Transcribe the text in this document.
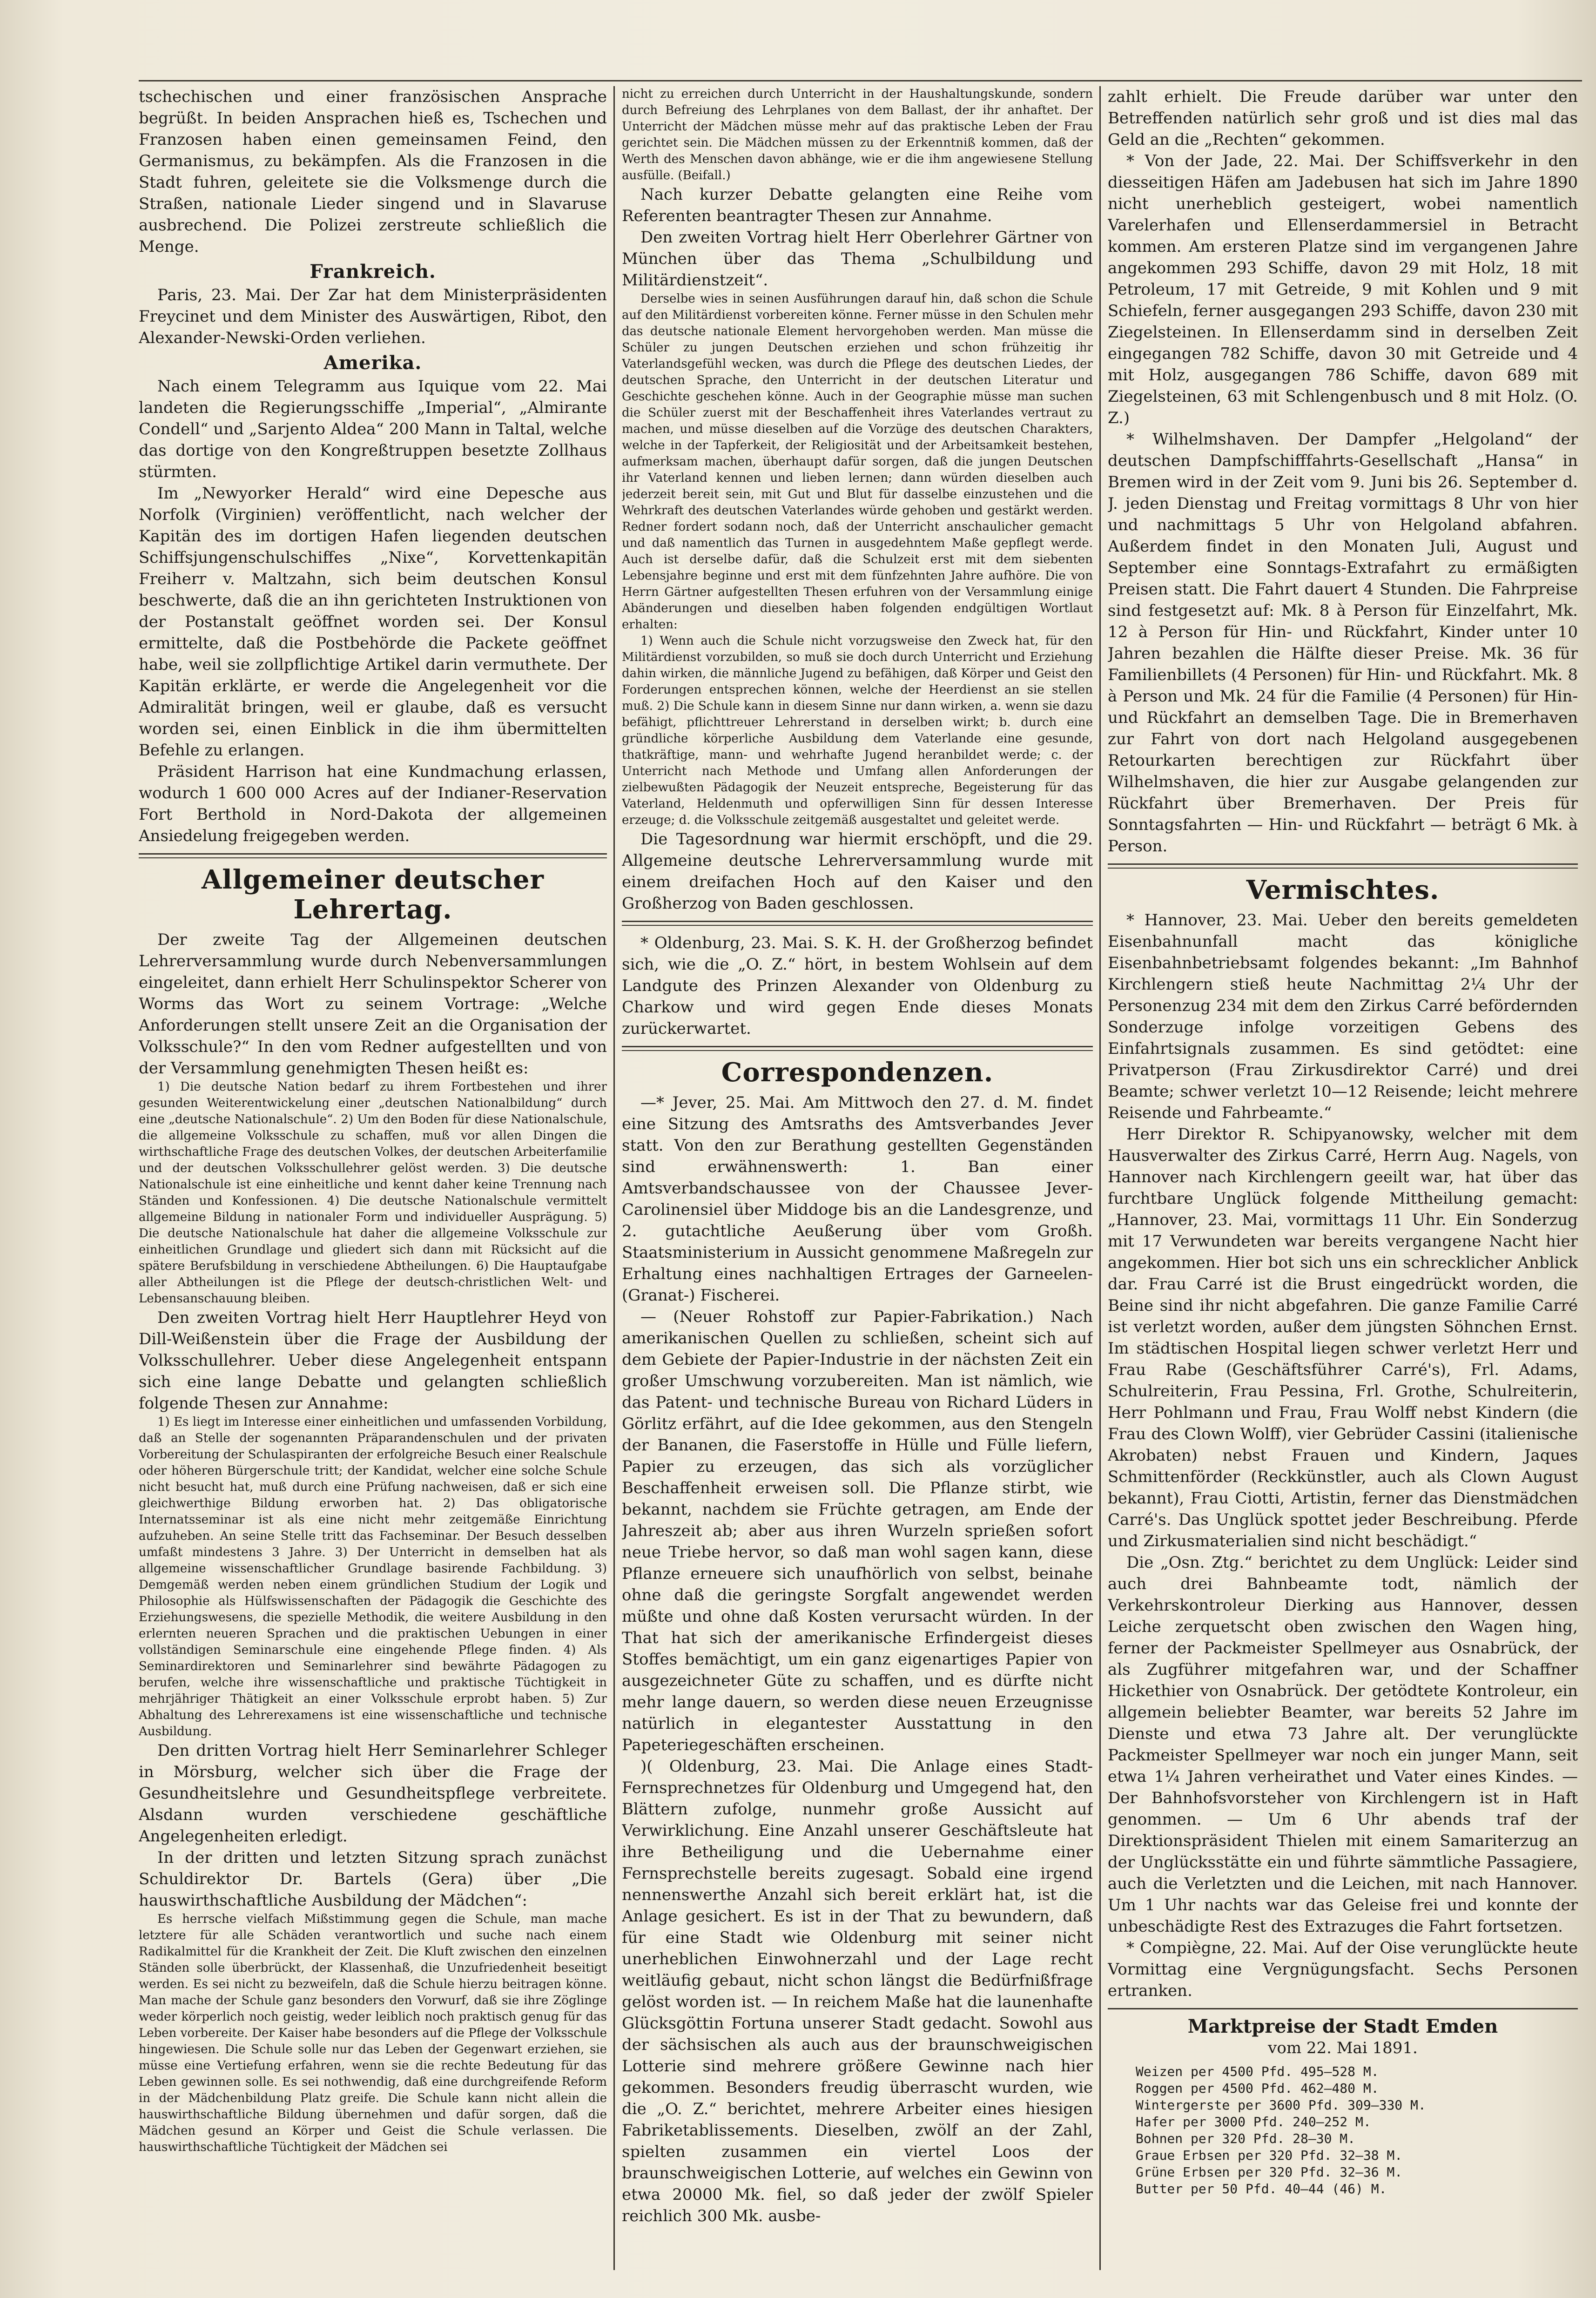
tschechischen und einer französischen Ansprache begrüßt. In beiden Ansprachen hieß es, Tschechen und Franzosen haben einen gemeinsamen Feind, den Germanismus, zu bekämpfen. Als die Franzosen in die Stadt fuhren, geleitete sie die Volksmenge durch die Straßen, nationale Lieder singend und in Slavaruse ausbrechend. Die Polizei zerstreute schließlich die Menge.

Frankreich.

Paris, 23. Mai. Der Zar hat dem Ministerpräsidenten Freycinet und dem Minister des Auswärtigen, Ribot, den Alexander-Newski-Orden verliehen.

Amerika.

Nach einem Telegramm aus Iquique vom 22. Mai landeten die Regierungsschiffe „Imperial“, „Almirante Condell“ und „Sarjento Aldea“ 200 Mann in Taltal, welche das dortige von den Kongreßtruppen besetzte Zollhaus stürmten.

Im „Newyorker Herald“ wird eine Depesche aus Norfolk (Virginien) veröffentlicht, nach welcher der Kapitän des im dortigen Hafen liegenden deutschen Schiffsjungenschulschiffes „Nixe“, Korvettenkapitän Freiherr v. Maltzahn, sich beim deutschen Konsul beschwerte, daß die an ihn gerichteten Instruktionen von der Postanstalt geöffnet worden sei. Der Konsul ermittelte, daß die Postbehörde die Packete geöffnet habe, weil sie zollpflichtige Artikel darin vermuthete. Der Kapitän erklärte, er werde die Angelegenheit vor die Admiralität bringen, weil er glaube, daß es versucht worden sei, einen Einblick in die ihm übermittelten Befehle zu erlangen.

Präsident Harrison hat eine Kundmachung erlassen, wodurch 1 600 000 Acres auf der Indianer-Reservation Fort Berthold in Nord-Dakota der allgemeinen Ansiedelung freigegeben werden.

Allgemeiner deutscher Lehrertag.

Der zweite Tag der Allgemeinen deutschen Lehrerversammlung wurde durch Nebenversammlungen eingeleitet, dann erhielt Herr Schulinspektor Scherer von Worms das Wort zu seinem Vortrage: „Welche Anforderungen stellt unsere Zeit an die Organisation der Volksschule?“ In den vom Redner aufgestellten und von der Versammlung genehmigten Thesen heißt es:

1) Die deutsche Nation bedarf zu ihrem Fortbestehen und ihrer gesunden Weiterentwickelung einer „deutschen Nationalbildung“ durch eine „deutsche Nationalschule“. 2) Um den Boden für diese Nationalschule, die allgemeine Volksschule zu schaffen, muß vor allen Dingen die wirthschaftliche Frage des deutschen Volkes, der deutschen Arbeiterfamilie und der deutschen Volksschullehrer gelöst werden. 3) Die deutsche Nationalschule ist eine einheitliche und kennt daher keine Trennung nach Ständen und Konfessionen. 4) Die deutsche Nationalschule vermittelt allgemeine Bildung in nationaler Form und individueller Ausprägung. 5) Die deutsche Nationalschule hat daher die allgemeine Volksschule zur einheitlichen Grundlage und gliedert sich dann mit Rücksicht auf die spätere Berufsbildung in verschiedene Abtheilungen. 6) Die Hauptaufgabe aller Abtheilungen ist die Pflege der deutsch-christlichen Welt- und Lebensanschauung bleiben.

Den zweiten Vortrag hielt Herr Hauptlehrer Heyd von Dill-Weißenstein über die Frage der Ausbildung der Volksschullehrer. Ueber diese Angelegenheit entspann sich eine lange Debatte und gelangten schließlich folgende Thesen zur Annahme:

1) Es liegt im Interesse einer einheitlichen und umfassenden Vorbildung, daß an Stelle der sogenannten Präparandenschulen und der privaten Vorbereitung der Schulaspiranten der erfolgreiche Besuch einer Realschule oder höheren Bürgerschule tritt; der Kandidat, welcher eine solche Schule nicht besucht hat, muß durch eine Prüfung nachweisen, daß er sich eine gleichwerthige Bildung erworben hat. 2) Das obligatorische Internatsseminar ist als eine nicht mehr zeitgemäße Einrichtung aufzuheben. An seine Stelle tritt das Fachseminar. Der Besuch desselben umfaßt mindestens 3 Jahre. 3) Der Unterricht in demselben hat als allgemeine wissenschaftlicher Grundlage basirende Fachbildung. 3) Demgemäß werden neben einem gründlichen Studium der Logik und Philosophie als Hülfswissenschaften der Pädagogik die Geschichte des Erziehungswesens, die spezielle Methodik, die weitere Ausbildung in den erlernten neueren Sprachen und die praktischen Uebungen in einer vollständigen Seminarschule eine eingehende Pflege finden. 4) Als Seminardirektoren und Seminarlehrer sind bewährte Pädagogen zu berufen, welche ihre wissenschaftliche und praktische Tüchtigkeit in mehrjähriger Thätigkeit an einer Volksschule erprobt haben. 5) Zur Abhaltung des Lehrerexamens ist eine wissenschaftliche und technische Ausbildung.

Den dritten Vortrag hielt Herr Seminarlehrer Schleger in Mörsburg, welcher sich über die Frage der Gesundheitslehre und Gesundheitspflege verbreitete. Alsdann wurden verschiedene geschäftliche Angelegenheiten erledigt.

In der dritten und letzten Sitzung sprach zunächst Schuldirektor Dr. Bartels (Gera) über „Die hauswirthschaftliche Ausbildung der Mädchen“:

Es herrsche vielfach Mißstimmung gegen die Schule, man mache letztere für alle Schäden verantwortlich und suche nach einem Radikalmittel für die Krankheit der Zeit. Die Kluft zwischen den einzelnen Ständen solle überbrückt, der Klassenhaß, die Unzufriedenheit beseitigt werden. Es sei nicht zu bezweifeln, daß die Schule hierzu beitragen könne. Man mache der Schule ganz besonders den Vorwurf, daß sie ihre Zöglinge weder körperlich noch geistig, weder leiblich noch praktisch genug für das Leben vorbereite. Der Kaiser habe besonders auf die Pflege der Volksschule hingewiesen. Die Schule solle nur das Leben der Gegenwart erziehen, sie müsse eine Vertiefung erfahren, wenn sie die rechte Bedeutung für das Leben gewinnen solle. Es sei nothwendig, daß eine durchgreifende Reform in der Mädchenbildung Platz greife. Die Schule kann nicht allein die hauswirthschaftliche Bildung übernehmen und dafür sorgen, daß die Mädchen gesund an Körper und Geist die Schule verlassen. Die hauswirthschaftliche Tüchtigkeit der Mädchen sei

nicht zu erreichen durch Unterricht in der Haushaltungskunde, sondern durch Befreiung des Lehrplanes von dem Ballast, der ihr anhaftet. Der Unterricht der Mädchen müsse mehr auf das praktische Leben der Frau gerichtet sein. Die Mädchen müssen zu der Erkenntniß kommen, daß der Werth des Menschen davon abhänge, wie er die ihm angewiesene Stellung ausfülle. (Beifall.)

Nach kurzer Debatte gelangten eine Reihe vom Referenten beantragter Thesen zur Annahme.

Den zweiten Vortrag hielt Herr Oberlehrer Gärtner von München über das Thema „Schulbildung und Militärdienstzeit“.

Derselbe wies in seinen Ausführungen darauf hin, daß schon die Schule auf den Militärdienst vorbereiten könne. Ferner müsse in den Schulen mehr das deutsche nationale Element hervorgehoben werden. Man müsse die Schüler zu jungen Deutschen erziehen und schon frühzeitig ihr Vaterlandsgefühl wecken, was durch die Pflege des deutschen Liedes, der deutschen Sprache, den Unterricht in der deutschen Literatur und Geschichte geschehen könne. Auch in der Geographie müsse man suchen die Schüler zuerst mit der Beschaffenheit ihres Vaterlandes vertraut zu machen, und müsse dieselben auf die Vorzüge des deutschen Charakters, welche in der Tapferkeit, der Religiosität und der Arbeitsamkeit bestehen, aufmerksam machen, überhaupt dafür sorgen, daß die jungen Deutschen ihr Vaterland kennen und lieben lernen; dann würden dieselben auch jederzeit bereit sein, mit Gut und Blut für dasselbe einzustehen und die Wehrkraft des deutschen Vaterlandes würde gehoben und gestärkt werden. Redner fordert sodann noch, daß der Unterricht anschaulicher gemacht und daß namentlich das Turnen in ausgedehntem Maße gepflegt werde. Auch ist derselbe dafür, daß die Schulzeit erst mit dem siebenten Lebensjahre beginne und erst mit dem fünfzehnten Jahre aufhöre. Die von Herrn Gärtner aufgestellten Thesen erfuhren von der Versammlung einige Abänderungen und dieselben haben folgenden endgültigen Wortlaut erhalten:

1) Wenn auch die Schule nicht vorzugsweise den Zweck hat, für den Militärdienst vorzubilden, so muß sie doch durch Unterricht und Erziehung dahin wirken, die männliche Jugend zu befähigen, daß Körper und Geist den Forderungen entsprechen können, welche der Heerdienst an sie stellen muß. 2) Die Schule kann in diesem Sinne nur dann wirken, a. wenn sie dazu befähigt, pflichttreuer Lehrerstand in derselben wirkt; b. durch eine gründliche körperliche Ausbildung dem Vaterlande eine gesunde, thatkräftige, mann- und wehrhafte Jugend heranbildet werde; c. der Unterricht nach Methode und Umfang allen Anforderungen der zielbewußten Pädagogik der Neuzeit entspreche, Begeisterung für das Vaterland, Heldenmuth und opferwilligen Sinn für dessen Interesse erzeuge; d. die Volksschule zeitgemäß ausgestaltet und geleitet werde.

Die Tagesordnung war hiermit erschöpft, und die 29. Allgemeine deutsche Lehrerversammlung wurde mit einem dreifachen Hoch auf den Kaiser und den Großherzog von Baden geschlossen.

* Oldenburg, 23. Mai. S. K. H. der Großherzog befindet sich, wie die „O. Z.“ hört, in bestem Wohlsein auf dem Landgute des Prinzen Alexander von Oldenburg zu Charkow und wird gegen Ende dieses Monats zurückerwartet.

Correspondenzen.

—* Jever, 25. Mai. Am Mittwoch den 27. d. M. findet eine Sitzung des Amtsraths des Amtsverbandes Jever statt. Von den zur Berathung gestellten Gegenständen sind erwähnenswerth: 1. Ban einer Amtsverbandschaussee von der Chaussee Jever-Carolinensiel über Middoge bis an die Landesgrenze, und 2. gutachtliche Aeußerung über vom Großh. Staatsministerium in Aussicht genommene Maßregeln zur Erhaltung eines nachhaltigen Ertrages der Garneelen- (Granat-) Fischerei.

— (Neuer Rohstoff zur Papier-Fabrikation.) Nach amerikanischen Quellen zu schließen, scheint sich auf dem Gebiete der Papier-Industrie in der nächsten Zeit ein großer Umschwung vorzubereiten. Man ist nämlich, wie das Patent- und technische Bureau von Richard Lüders in Görlitz erfährt, auf die Idee gekommen, aus den Stengeln der Bananen, die Faserstoffe in Hülle und Fülle liefern, Papier zu erzeugen, das sich als vorzüglicher Beschaffenheit erweisen soll. Die Pflanze stirbt, wie bekannt, nachdem sie Früchte getragen, am Ende der Jahreszeit ab; aber aus ihren Wurzeln sprießen sofort neue Triebe hervor, so daß man wohl sagen kann, diese Pflanze erneuere sich unaufhörlich von selbst, beinahe ohne daß die geringste Sorgfalt angewendet werden müßte und ohne daß Kosten verursacht würden. In der That hat sich der amerikanische Erfindergeist dieses Stoffes bemächtigt, um ein ganz eigenartiges Papier von ausgezeichneter Güte zu schaffen, und es dürfte nicht mehr lange dauern, so werden diese neuen Erzeugnisse natürlich in elegantester Ausstattung in den Papeteriegeschäften erscheinen.

)( Oldenburg, 23. Mai. Die Anlage eines Stadt-Fernsprechnetzes für Oldenburg und Umgegend hat, den Blättern zufolge, nunmehr große Aussicht auf Verwirklichung. Eine Anzahl unserer Geschäftsleute hat ihre Betheiligung und die Uebernahme einer Fernsprechstelle bereits zugesagt. Sobald eine irgend nennenswerthe Anzahl sich bereit erklärt hat, ist die Anlage gesichert. Es ist in der That zu bewundern, daß für eine Stadt wie Oldenburg mit seiner nicht unerheblichen Einwohnerzahl und der Lage recht weitläufig gebaut, nicht schon längst die Bedürfnißfrage gelöst worden ist. — In reichem Maße hat die launenhafte Glücksgöttin Fortuna unserer Stadt gedacht. Sowohl aus der sächsischen als auch aus der braunschweigischen Lotterie sind mehrere größere Gewinne nach hier gekommen. Besonders freudig überrascht wurden, wie die „O. Z.“ berichtet, mehrere Arbeiter eines hiesigen Fabriketablissements. Dieselben, zwölf an der Zahl, spielten zusammen ein viertel Loos der braunschweigischen Lotterie, auf welches ein Gewinn von etwa 20000 Mk. fiel, so daß jeder der zwölf Spieler reichlich 300 Mk. ausbe-

zahlt erhielt. Die Freude darüber war unter den Betreffenden natürlich sehr groß und ist dies mal das Geld an die „Rechten“ gekommen.

* Von der Jade, 22. Mai. Der Schiffsverkehr in den diesseitigen Häfen am Jadebusen hat sich im Jahre 1890 nicht unerheblich gesteigert, wobei namentlich Varelerhafen und Ellenserdammersiel in Betracht kommen. Am ersteren Platze sind im vergangenen Jahre angekommen 293 Schiffe, davon 29 mit Holz, 18 mit Petroleum, 17 mit Getreide, 9 mit Kohlen und 9 mit Schiefeln, ferner ausgegangen 293 Schiffe, davon 230 mit Ziegelsteinen. In Ellenserdamm sind in derselben Zeit eingegangen 782 Schiffe, davon 30 mit Getreide und 4 mit Holz, ausgegangen 786 Schiffe, davon 689 mit Ziegelsteinen, 63 mit Schlengenbusch und 8 mit Holz. (O. Z.)

* Wilhelmshaven. Der Dampfer „Helgoland“ der deutschen Dampfschifffahrts-Gesellschaft „Hansa“ in Bremen wird in der Zeit vom 9. Juni bis 26. September d. J. jeden Dienstag und Freitag vormittags 8 Uhr von hier und nachmittags 5 Uhr von Helgoland abfahren. Außerdem findet in den Monaten Juli, August und September eine Sonntags-Extrafahrt zu ermäßigten Preisen statt. Die Fahrt dauert 4 Stunden. Die Fahrpreise sind festgesetzt auf: Mk. 8 à Person für Einzelfahrt, Mk. 12 à Person für Hin- und Rückfahrt, Kinder unter 10 Jahren bezahlen die Hälfte dieser Preise. Mk. 36 für Familienbillets (4 Personen) für Hin- und Rückfahrt. Mk. 8 à Person und Mk. 24 für die Familie (4 Personen) für Hin- und Rückfahrt an demselben Tage. Die in Bremerhaven zur Fahrt von dort nach Helgoland ausgegebenen Retourkarten berechtigen zur Rückfahrt über Wilhelmshaven, die hier zur Ausgabe gelangenden zur Rückfahrt über Bremerhaven. Der Preis für Sonntagsfahrten — Hin- und Rückfahrt — beträgt 6 Mk. à Person.

Vermischtes.

* Hannover, 23. Mai. Ueber den bereits gemeldeten Eisenbahnunfall macht das königliche Eisenbahnbetriebsamt folgendes bekannt: „Im Bahnhof Kirchlengern stieß heute Nachmittag 2¼ Uhr der Personenzug 234 mit dem den Zirkus Carré befördernden Sonderzuge infolge vorzeitigen Gebens des Einfahrtsignals zusammen. Es sind getödtet: eine Privatperson (Frau Zirkusdirektor Carré) und drei Beamte; schwer verletzt 10—12 Reisende; leicht mehrere Reisende und Fahrbeamte.“

Herr Direktor R. Schipyanowsky, welcher mit dem Hausverwalter des Zirkus Carré, Herrn Aug. Nagels, von Hannover nach Kirchlengern geeilt war, hat über das furchtbare Unglück folgende Mittheilung gemacht: „Hannover, 23. Mai, vormittags 11 Uhr. Ein Sonderzug mit 17 Verwundeten war bereits vergangene Nacht hier angekommen. Hier bot sich uns ein schrecklicher Anblick dar. Frau Carré ist die Brust eingedrückt worden, die Beine sind ihr nicht abgefahren. Die ganze Familie Carré ist verletzt worden, außer dem jüngsten Söhnchen Ernst. Im städtischen Hospital liegen schwer verletzt Herr und Frau Rabe (Geschäftsführer Carré's), Frl. Adams, Schulreiterin, Frau Pessina, Frl. Grothe, Schulreiterin, Herr Pohlmann und Frau, Frau Wolff nebst Kindern (die Frau des Clown Wolff), vier Gebrüder Cassini (italienische Akrobaten) nebst Frauen und Kindern, Jaques Schmittenförder (Reckkünstler, auch als Clown August bekannt), Frau Ciotti, Artistin, ferner das Dienstmädchen Carré's. Das Unglück spottet jeder Beschreibung. Pferde und Zirkusmaterialien sind nicht beschädigt.“

Die „Osn. Ztg.“ berichtet zu dem Unglück: Leider sind auch drei Bahnbeamte todt, nämlich der Verkehrskontroleur Dierking aus Hannover, dessen Leiche zerquetscht oben zwischen den Wagen hing, ferner der Packmeister Spellmeyer aus Osnabrück, der als Zugführer mitgefahren war, und der Schaffner Hickethier von Osnabrück. Der getödtete Kontroleur, ein allgemein beliebter Beamter, war bereits 52 Jahre im Dienste und etwa 73 Jahre alt. Der verunglückte Packmeister Spellmeyer war noch ein junger Mann, seit etwa 1¼ Jahren verheirathet und Vater eines Kindes. — Der Bahnhofsvorsteher von Kirchlengern ist in Haft genommen. — Um 6 Uhr abends traf der Direktionspräsident Thielen mit einem Samariterzug an der Unglücksstätte ein und führte sämmtliche Passagiere, auch die Verletzten und die Leichen, mit nach Hannover. Um 1 Uhr nachts war das Geleise frei und konnte der unbeschädigte Rest des Extrazuges die Fahrt fortsetzen.

* Compiègne, 22. Mai. Auf der Oise verunglückte heute Vormittag eine Vergnügungsfacht. Sechs Personen ertranken.

Marktpreise der Stadt Emden
vom 22. Mai 1891.
Weizen per 4500 Pfd. 495—528 M.
Roggen per 4500 Pfd. 462—480 M.
Wintergerste per 3600 Pfd. 309—330 M.
Hafer per 3000 Pfd. 240—252 M.
Bohnen per 320 Pfd. 28—30 M.
Graue Erbsen per 320 Pfd. 32—38 M.
Grüne Erbsen per 320 Pfd. 32—36 M.
Butter per 50 Pfd. 40—44 (46) M.
